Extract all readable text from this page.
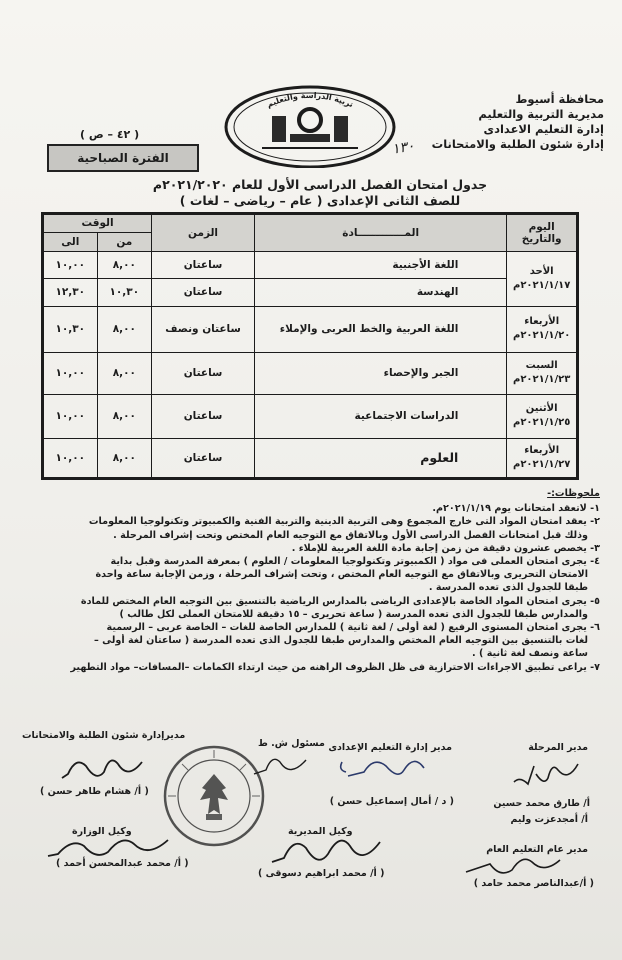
محافظة أسيوط
مديرية التربية والتعليم
إدارة التعليم الاعدادى
إدارة شئون الطلبة والامتحانات
تربية الدراسة والتعليم
١٣٠
( ٤٢ – ص )
الفترة الصباحية
جدول امتحان الفصل الدراسى الأول للعام ٢٠٢١/٢٠٢٠م
للصف الثانى الإعدادى ( عام – رياضى – لغات )
اليوم والتاريخ	المـــــــــــــادة	الزمن	الوقت	
			من	الى

الأحد
٢٠٢١/١/١٧م	اللغة الأجنبية	ساعتان	٨,٠٠	١٠,٠٠
	الهندسة	ساعتان	١٠,٣٠	١٢,٣٠

الأربعاء
٢٠٢١/١/٢٠م	اللغة العربية والخط العربى والإملاء	ساعتان ونصف	٨,٠٠	١٠,٣٠

السبت
٢٠٢١/١/٢٣م	الجبر والإحصاء	ساعتان	٨,٠٠	١٠,٠٠

الأثنين
٢٠٢١/١/٢٥م	الدراسات الاجتماعية	ساعتان	٨,٠٠	١٠,٠٠

الأربعاء
٢٠٢١/١/٢٧م	العلوم	ساعتان	٨,٠٠	١٠,٠٠
ملحوظات:-
١- لاتعقد امتحانات يوم ٢٠٢١/١/١٩م.
٢- يعقد امتحان المواد التى خارج المجموع وهى التربية الدينية والتربية الفنية والكمبيوتر وتكنولوجيا المعلومات
وذلك قبل امتحانات الفصل الدراسى الأول وبالاتفاق مع التوجيه العام المختص وتحت إشراف المرحلة .
٣- يخصص عشرون دقيقة من زمن إجابة مادة اللغة العربية للإملاء .
٤- يجرى امتحان العملى فى مواد ( الكمبيوتر وتكنولوجيا المعلومات / العلوم ) بمعرفة المدرسة وقبل بداية
الامتحان التحريرى وبالاتفاق مع التوجيه العام المختص ، وتحت إشراف المرحلة ، وزمن الإجابة ساعة واحدة
طبقا للجدول الذى تعده المدرسة .
٥- يجرى امتحان المواد الخاصة بالإعدادى الرياضى بالمدارس الرياضية بالتنسيق بين التوجيه العام المختص للمادة
والمدارس طبقا للجدول الذى تعده المدرسة ( ساعة تحريرى – ١٥ دقيقة للامتحان العملى لكل طالب )
٦- يجرى امتحان المستوى الرفيع ( لغة أولى / لغة ثانية ) للمدارس الخاصة للغات – الخاصة عربى – الرسمية
لغات بالتنسيق بين التوجيه العام المختص والمدارس طبقا للجدول الذى تعده المدرسة ( ساعتان لغة أولى –
ساعة ونصف لغة ثانية ) .
٧- يراعى تطبيق الاجراءات الاحترازية فى ظل الظروف الراهنه من حيث ارتداء الكمامات –المسافات– مواد التطهير
مدير المرحلة
أ/ طارق محمد حسين
أ/ أمجدعزت وليم
مدير إدارة التعليم الإعدادى
( د / أمال إسماعيل حسن )
مسئول ش. ط
مديرإدارة شئون الطلبة والامتحانات
( أ/ هشام طاهر حسن )
مدير عام التعليم العام
( أ/عبدالناصر محمد حامد )
وكيل المديرية
( أ/ محمد ابراهيم دسوقى )
وكيل الوزارة
( أ/ محمد عبدالمحسن أحمد )
